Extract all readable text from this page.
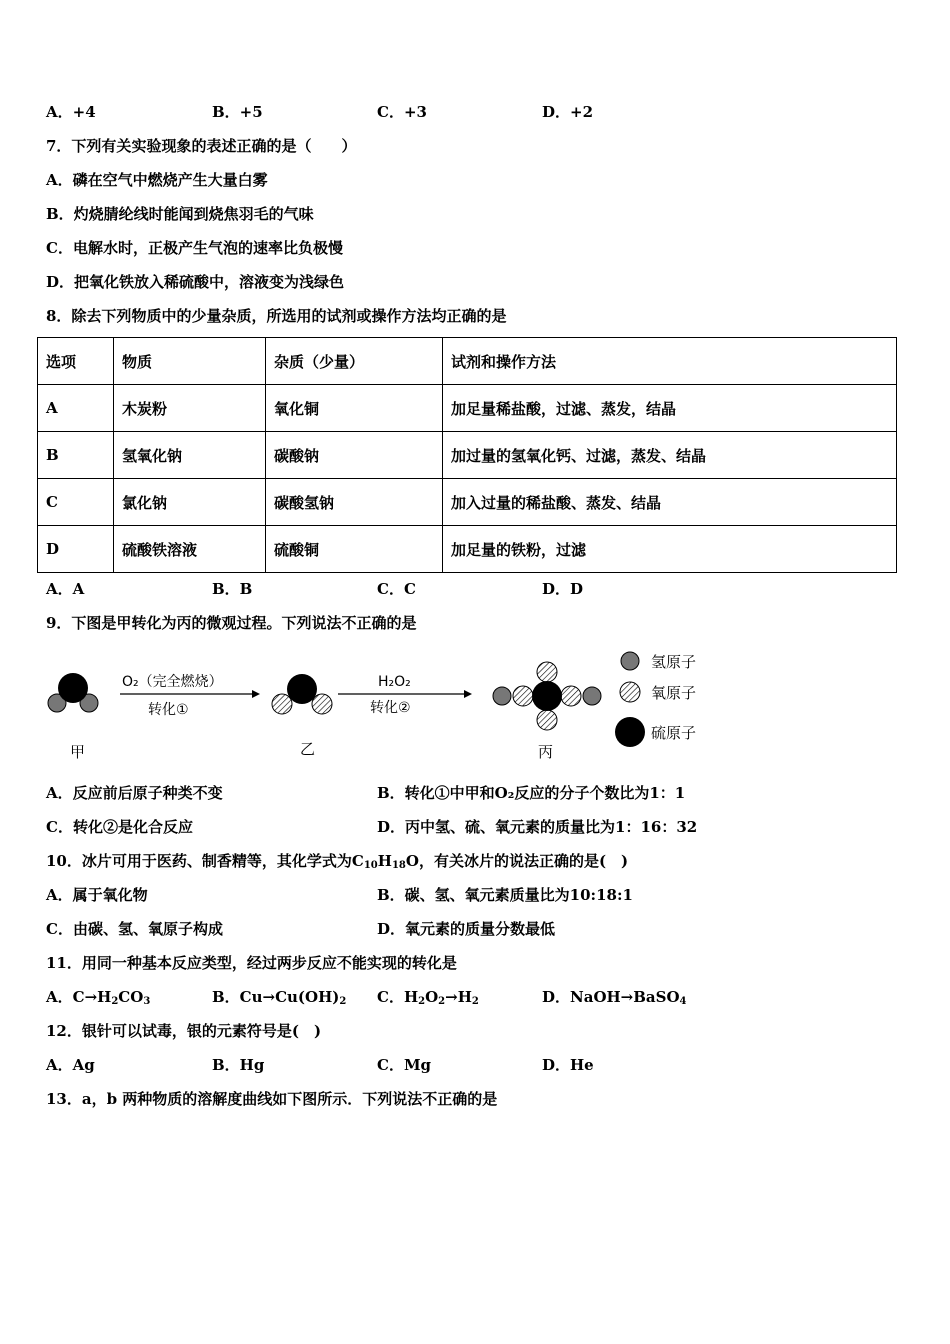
A．+4	B．+5	C．+3	D．+2
7．下列有关实验现象的表述正确的是（　　）
A．磷在空气中燃烧产生大量白雾
B．灼烧腈纶线时能闻到烧焦羽毛的气味
C．电解水时，正极产生气泡的速率比负极慢
D．把氧化铁放入稀硫酸中，溶液变为浅绿色
8．除去下列物质中的少量杂质，所选用的试剂或操作方法均正确的是
选项	物质	杂质（少量）	试剂和操作方法
A	木炭粉	氧化铜	加足量稀盐酸，过滤、蒸发，结晶
B	氢氧化钠	碳酸钠	加过量的氢氧化钙、过滤，蒸发、结晶
C	氯化钠	碳酸氢钠	加入过量的稀盐酸、蒸发、结晶
D	硫酸铁溶液	硫酸铜	加足量的铁粉，过滤
A．A	B．B	C．C	D．D
9．下图是甲转化为丙的微观过程。下列说法不正确的是
甲
O₂（完全燃烧）
转化①
乙
H₂O₂
转化②
丙
氢原子
氧原子
硫原子
A．反应前后原子种类不变	B．转化①中甲和O₂反应的分子个数比为1：1
C．转化②是化合反应	D．丙中氢、硫、氧元素的质量比为1：16：32
10．冰片可用于医药、制香精等，其化学式为$C_{10}H_{18}O$，有关冰片的说法正确的是(　)
A．属于氧化物	B．碳、氢、氧元素质量比为10:18:1
C．由碳、氢、氧原子构成	D．氧元素的质量分数最低
11．用同一种基本反应类型，经过两步反应不能实现的转化是
A．$C\to H_2CO_3$	B．$Cu\to Cu(OH)_2$ C．$H_2O_2\to H_2$	D．NaOH→BaSO$_4$
12．银针可以试毒，银的元素符号是(　)
A．Ag	B．Hg	C．Mg	D．He
13．a，b 两种物质的溶解度曲线如下图所示．下列说法不正确的是
